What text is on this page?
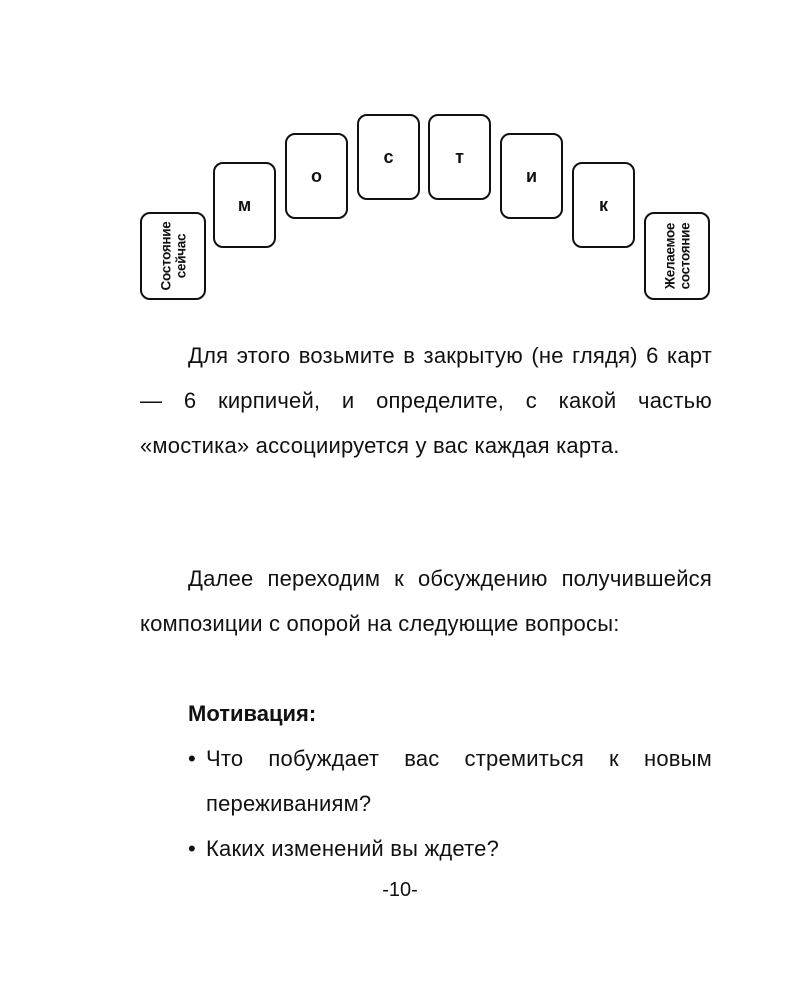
Состояние сейчас
м
о
с	т
и
к
Желаемое состояние

Для этого возьмите в закрытую (не глядя) 6 карт — 6 кирпичей, и определите, с какой частью «мостика» ассоциируется у вас каждая карта.

Далее переходим к обсуждению получившейся композиции с опорой на следующие вопросы:

Мотивация:
• Что побуждает вас стремиться к новым переживаниям?
• Каких изменений вы ждете?
-10-
